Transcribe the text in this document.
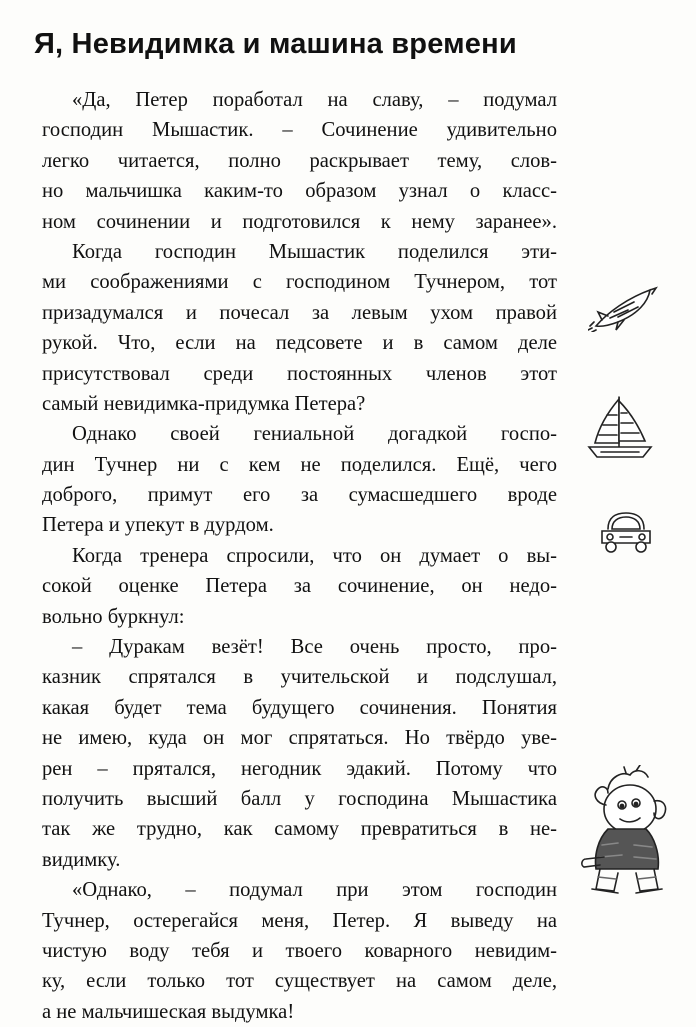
Я, Невидимка и машина времени
«Да, Петер поработал на славу, – подумал
господин Мышастик. – Сочинение удивительно
легко читается, полно раскрывает тему, слов-
но мальчишка каким-то образом узнал о класс-
ном сочинении и подготовился к нему заранее».
Когда господин Мышастик поделился эти-
ми соображениями с господином Тучнером, тот
призадумался и почесал за левым ухом правой
рукой. Что, если на педсовете и в самом деле
присутствовал среди постоянных членов этот
самый невидимка-придумка Петера?
Однако своей гениальной догадкой госпо-
дин Тучнер ни с кем не поделился. Ещё, чего
доброго, примут его за сумасшедшего вроде
Петера и упекут в дурдом.
Когда тренера спросили, что он думает о вы-
сокой оценке Петера за сочинение, он недо-
вольно буркнул:
– Дуракам везёт! Все очень просто, про-
казник спрятался в учительской и подслушал,
какая будет тема будущего сочинения. Понятия
не имею, куда он мог спрятаться. Но твёрдо уве-
рен – прятался, негодник эдакий. Потому что
получить высший балл у господина Мышастика
так же трудно, как самому превратиться в не-
видимку.
«Однако, – подумал при этом господин
Тучнер, остерегайся меня, Петер. Я выведу на
чистую воду тебя и твоего коварного невидим-
ку, если только тот существует на самом деле,
а не мальчишеская выдумка!
